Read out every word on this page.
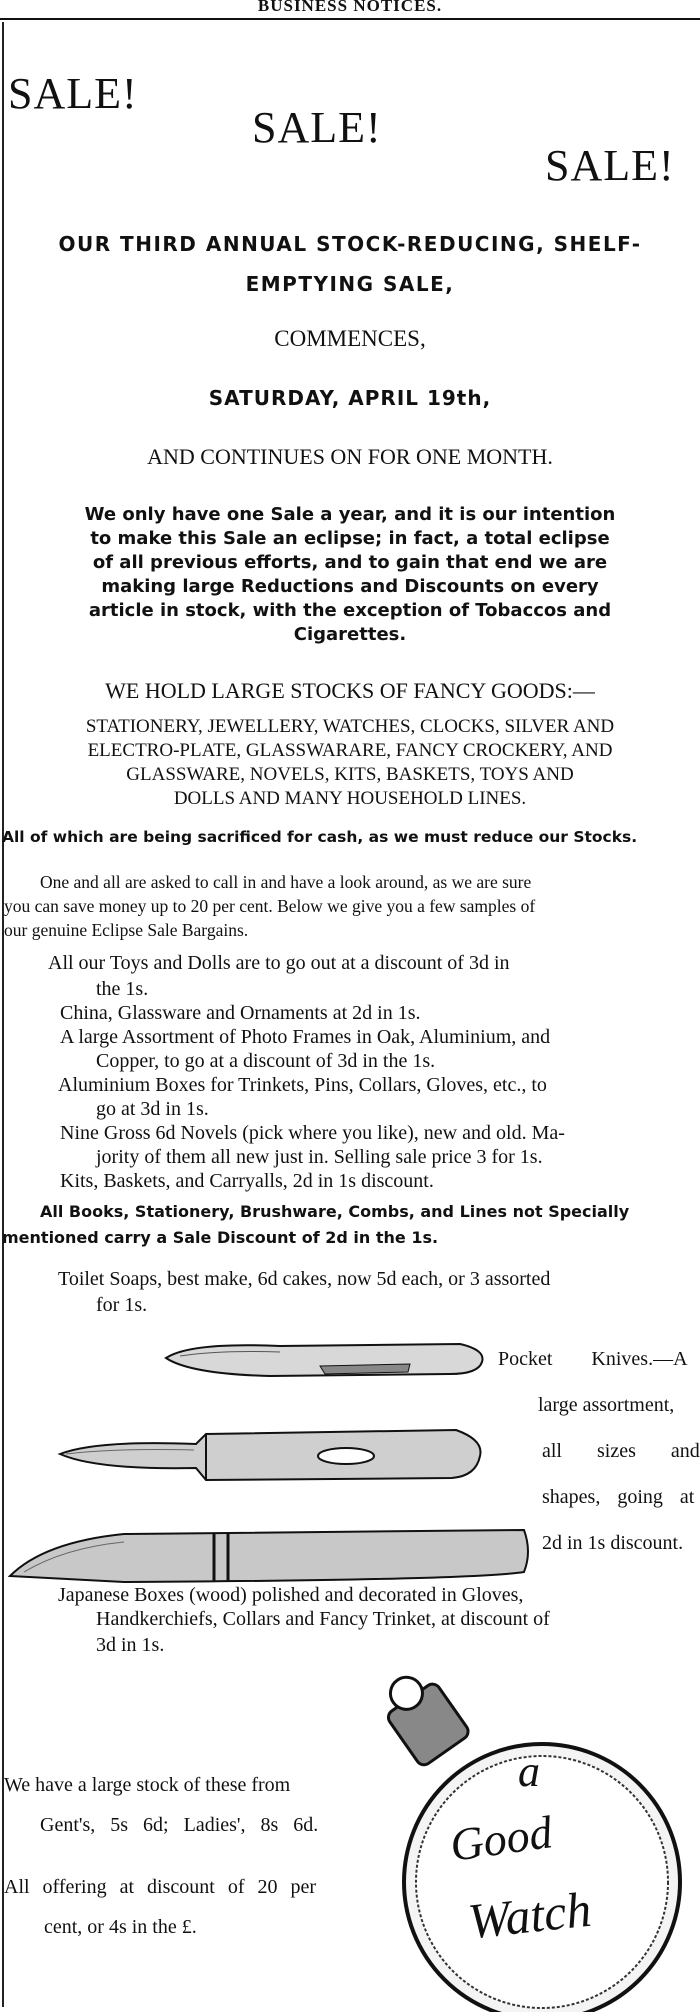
BUSINESS NOTICES.
SALE!
SALE!
SALE!
OUR THIRD ANNUAL STOCK-REDUCING, SHELF-
EMPTYING SALE,
COMMENCES,
SATURDAY, APRIL 19th,
AND CONTINUES ON FOR ONE MONTH.
We only have one Sale a year, and it is our intention
to make this Sale an eclipse; in fact, a total eclipse
of all previous efforts, and to gain that end we are
making large Reductions and Discounts on every
article in stock, with the exception of Tobaccos and
Cigarettes.
WE HOLD LARGE STOCKS OF FANCY GOODS:—
STATIONERY, JEWELLERY, WATCHES, CLOCKS, SILVER AND
ELECTRO-PLATE, GLASSWARARE, FANCY CROCKERY, AND
GLASSWARE, NOVELS, KITS, BASKETS, TOYS AND
DOLLS AND MANY HOUSEHOLD LINES.
All of which are being sacrificed for cash, as we must reduce our Stocks.
One and all are asked to call in and have a look around, as we are sure
you can save money up to 20 per cent. Below we give you a few samples of
our genuine Eclipse Sale Bargains.
All our Toys and Dolls are to go out at a discount of 3d in
the 1s.
China, Glassware and Ornaments at 2d in 1s.
A large Assortment of Photo Frames in Oak, Aluminium, and
Copper, to go at a discount of 3d in the 1s.
Aluminium Boxes for Trinkets, Pins, Collars, Gloves, etc., to
go at 3d in 1s.
Nine Gross 6d Novels (pick where you like), new and old. Ma-
jority of them all new just in. Selling sale price 3 for 1s.
Kits, Baskets, and Carryalls, 2d in 1s discount.
All Books, Stationery, Brushware, Combs, and Lines not Specially
mentioned carry a Sale Discount of 2d in the 1s.
Toilet Soaps, best make, 6d cakes, now 5d each, or 3 assorted
for 1s.
Pocket Knives.—A
large assortment,
all sizes and
shapes, going at
2d in 1s discount.
Japanese Boxes (wood) polished and decorated in Gloves,
Handkerchiefs, Collars and Fancy Trinket, at discount of
3d in 1s.
We have a large stock of these from
Gent's, 5s 6d; Ladies', 8s 6d.
All offering at discount of 20 per
cent, or 4s in the £.
a
Good
Watch
